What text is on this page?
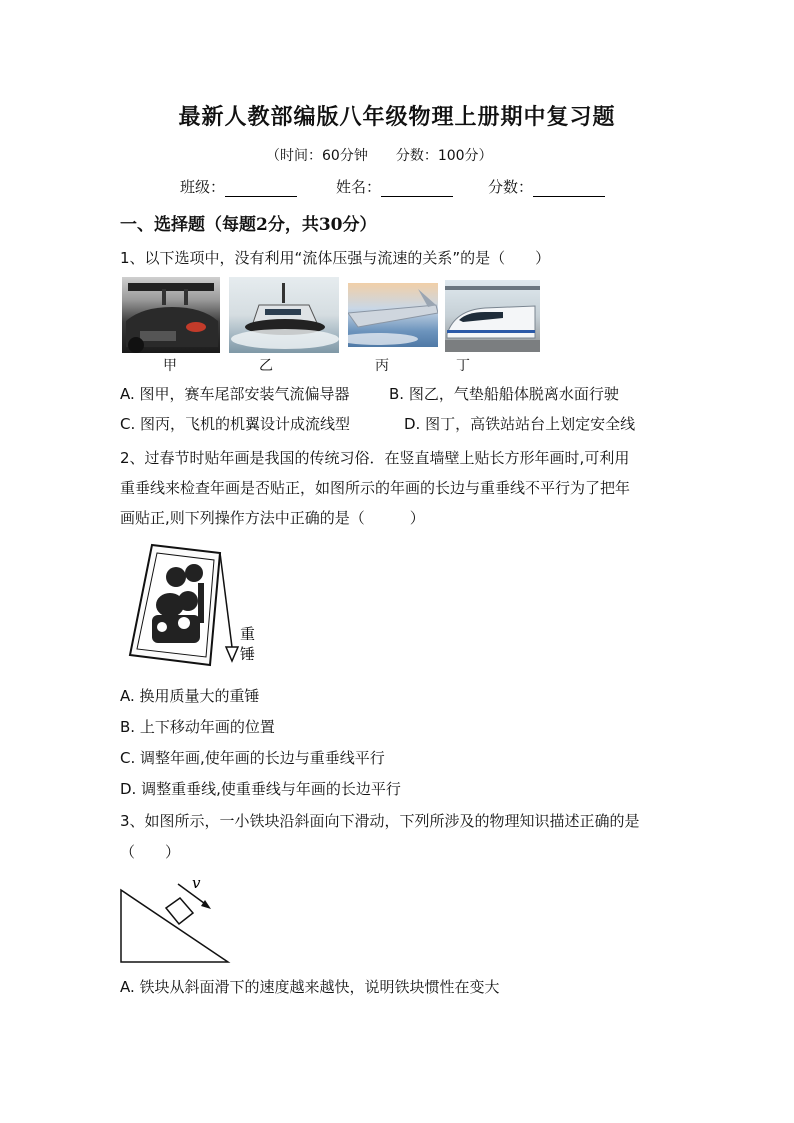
最新人教部编版八年级物理上册期中复习题
（时间：60分钟　　分数：100分）
班级：	姓名：	分数：
一、选择题（每题2分，共30分）
1、以下选项中，没有利用“流体压强与流速的关系”的是（　　）
甲	乙	丙	丁
A. 图甲，赛车尾部安装气流偏导器	B. 图乙，气垫船船体脱离水面行驶
C. 图丙，飞机的机翼设计成流线型	D. 图丁，高铁站站台上划定安全线
2、过春节时贴年画是我国的传统习俗．在竖直墙壁上贴长方形年画时,可利用
重垂线来检查年画是否贴正，如图所示的年画的长边与重垂线不平行为了把年
画贴正,则下列操作方法中正确的是（　　　）
重
锤
A. 换用质量大的重锤
B. 上下移动年画的位置
C. 调整年画,使年画的长边与重垂线平行
D. 调整重垂线,使重垂线与年画的长边平行
3、如图所示，一小铁块沿斜面向下滑动，下列所涉及的物理知识描述正确的是
（　　）
v
A. 铁块从斜面滑下的速度越来越快，说明铁块惯性在变大
